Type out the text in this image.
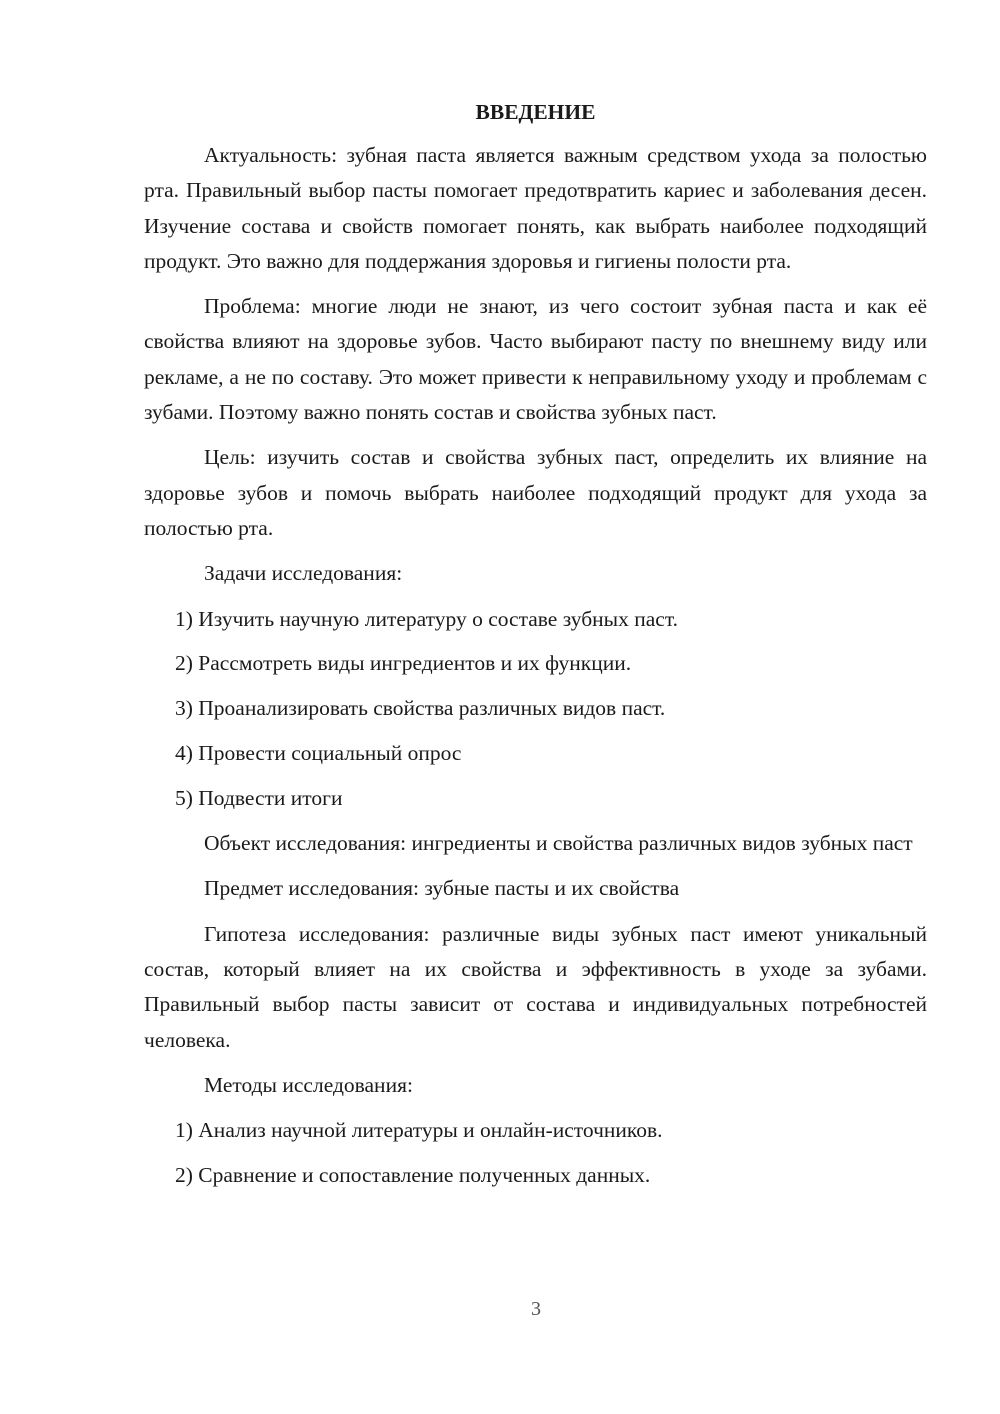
ВВЕДЕНИЕ

Актуальность: зубная паста является важным средством ухода за полостью рта. Правильный выбор пасты помогает предотвратить кариес и заболевания десен. Изучение состава и свойств помогает понять, как выбрать наиболее подходящий продукт. Это важно для поддержания здоровья и гигиены полости рта.

Проблема: многие люди не знают, из чего состоит зубная паста и как её свойства влияют на здоровье зубов. Часто выбирают пасту по внешнему виду или рекламе, а не по составу. Это может привести к неправильному уходу и проблемам с зубами. Поэтому важно понять состав и свойства зубных паст.

Цель: изучить состав и свойства зубных паст, определить их влияние на здоровье зубов и помочь выбрать наиболее подходящий продукт для ухода за полостью рта.

Задачи исследования:

1) Изучить научную литературу о составе зубных паст.

2) Рассмотреть виды ингредиентов и их функции.

3) Проанализировать свойства различных видов паст.

4) Провести социальный опрос

5) Подвести итоги

Объект исследования: ингредиенты и свойства различных видов зубных паст

Предмет исследования: зубные пасты и их свойства

Гипотеза исследования: различные виды зубных паст имеют уникальный состав, который влияет на их свойства и эффективность в уходе за зубами. Правильный выбор пасты зависит от состава и индивидуальных потребностей человека.

Методы исследования:

1) Анализ научной литературы и онлайн-источников.

2) Сравнение и сопоставление полученных данных.

3
